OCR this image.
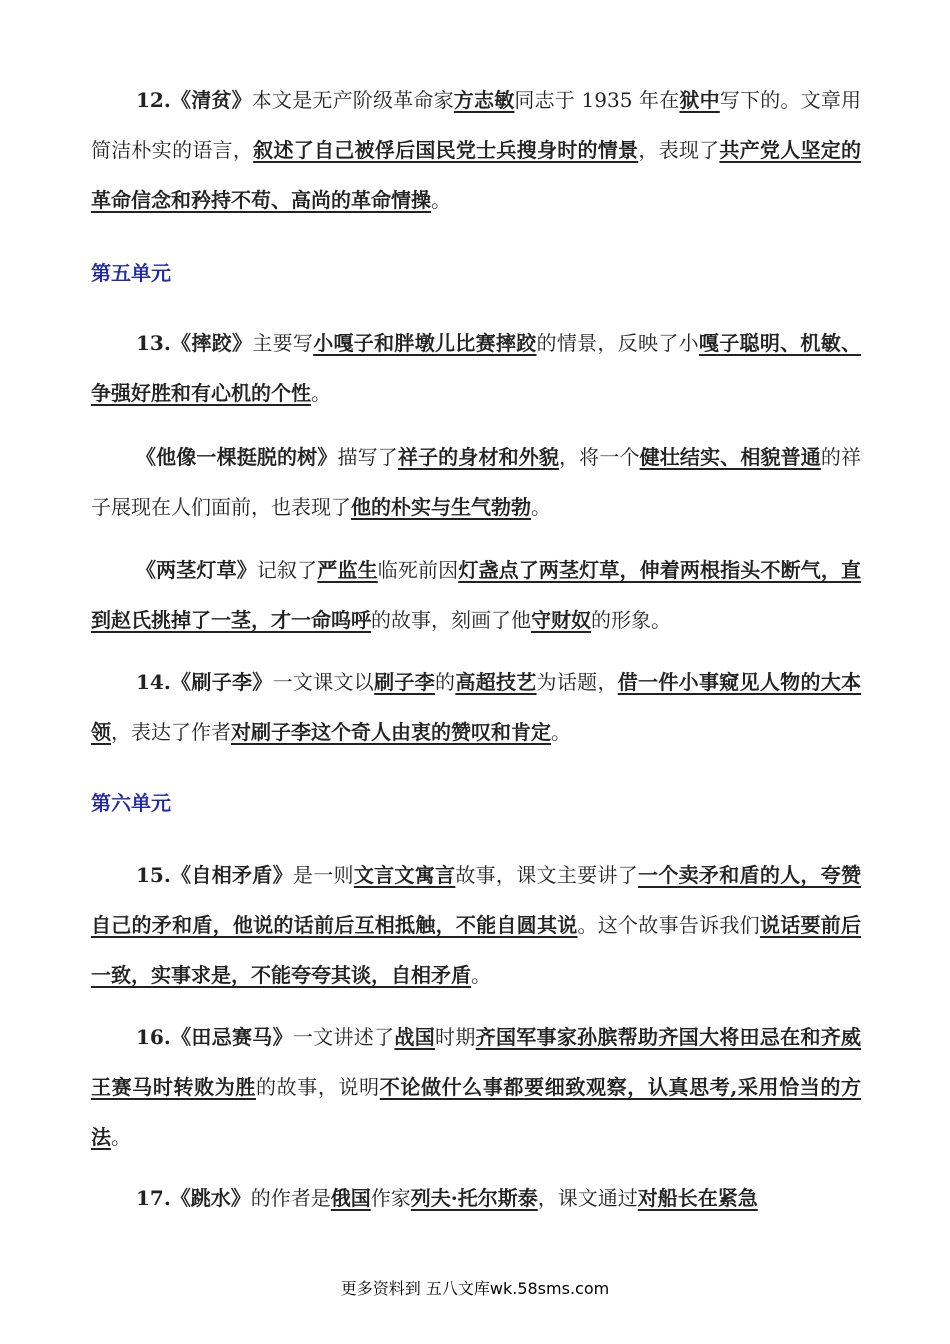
12.《清贫》本文是无产阶级革命家方志敏同志于 1935 年在狱中写下的。文章用简洁朴实的语言，叙述了自己被俘后国民党士兵搜身时的情景，表现了共产党人坚定的革命信念和矜持不苟、高尚的革命情操。

第五单元

13.《摔跤》主要写小嘎子和胖墩儿比赛摔跤的情景，反映了小嘎子聪明、机敏、争强好胜和有心机的个性。

《他像一棵挺脱的树》描写了祥子的身材和外貌，将一个健壮结实、相貌普通的祥子展现在人们面前，也表现了他的朴实与生气勃勃。

《两茎灯草》记叙了严监生临死前因灯盏点了两茎灯草，伸着两根指头不断气，直到赵氏挑掉了一茎，才一命呜呼的故事，刻画了他守财奴的形象。

14.《刷子李》一文课文以刷子李的高超技艺为话题，借一件小事窥见人物的大本领，表达了作者对刷子李这个奇人由衷的赞叹和肯定。

第六单元

15.《自相矛盾》是一则文言文寓言故事，课文主要讲了一个卖矛和盾的人，夸赞自己的矛和盾，他说的话前后互相抵触，不能自圆其说。这个故事告诉我们说话要前后一致，实事求是，不能夸夸其谈，自相矛盾。

16.《田忌赛马》一文讲述了战国时期齐国军事家孙膑帮助齐国大将田忌在和齐威王赛马时转败为胜的故事，说明不论做什么事都要细致观察，认真思考,采用恰当的方法。

17.《跳水》的作者是俄国作家列夫·托尔斯泰，课文通过对船长在紧急

更多资料到 五八文库wk.58sms.com
